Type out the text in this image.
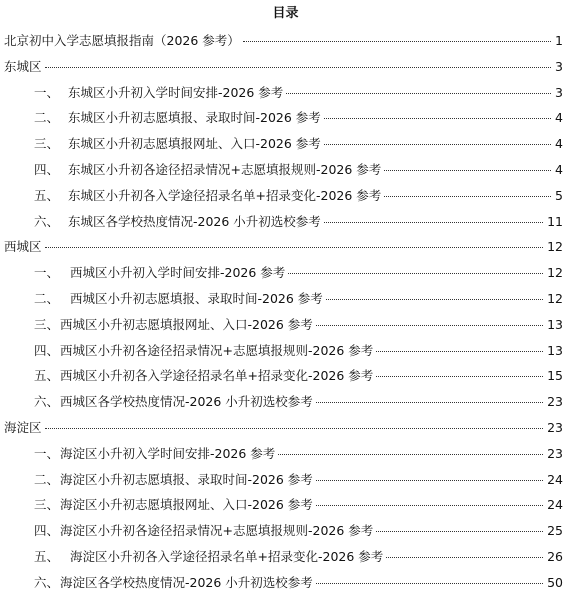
目录
北京初中入学志愿填报指南（2026 参考）	1
东城区	3
一、 东城区小升初入学时间安排-2026 参考	3
二、 东城区小升初志愿填报、录取时间-2026 参考	4
三、 东城区小升初志愿填报网址、入口-2026 参考	4
四、 东城区小升初各途径招录情况+志愿填报规则-2026 参考	4
五、 东城区小升初各入学途径招录名单+招录变化-2026 参考	5
六、 东城区各学校热度情况-2026 小升初选校参考	11
西城区	12
一、 西城区小升初入学时间安排-2026 参考	12
二、 西城区小升初志愿填报、录取时间-2026 参考	12
三、 西城区小升初志愿填报网址、入口-2026 参考	13
四、 西城区小升初各途径招录情况+志愿填报规则-2026 参考	13
五、 西城区小升初各入学途径招录名单+招录变化-2026 参考	15
六、 西城区各学校热度情况-2026 小升初选校参考	23
海淀区	23
一、 海淀区小升初入学时间安排-2026 参考	23
二、 海淀区小升初志愿填报、录取时间-2026 参考	24
三、 海淀区小升初志愿填报网址、入口-2026 参考	24
四、 海淀区小升初各途径招录情况+志愿填报规则-2026 参考	25
五、 海淀区小升初各入学途径招录名单+招录变化-2026 参考	26
六、 海淀区各学校热度情况-2026 小升初选校参考	50
